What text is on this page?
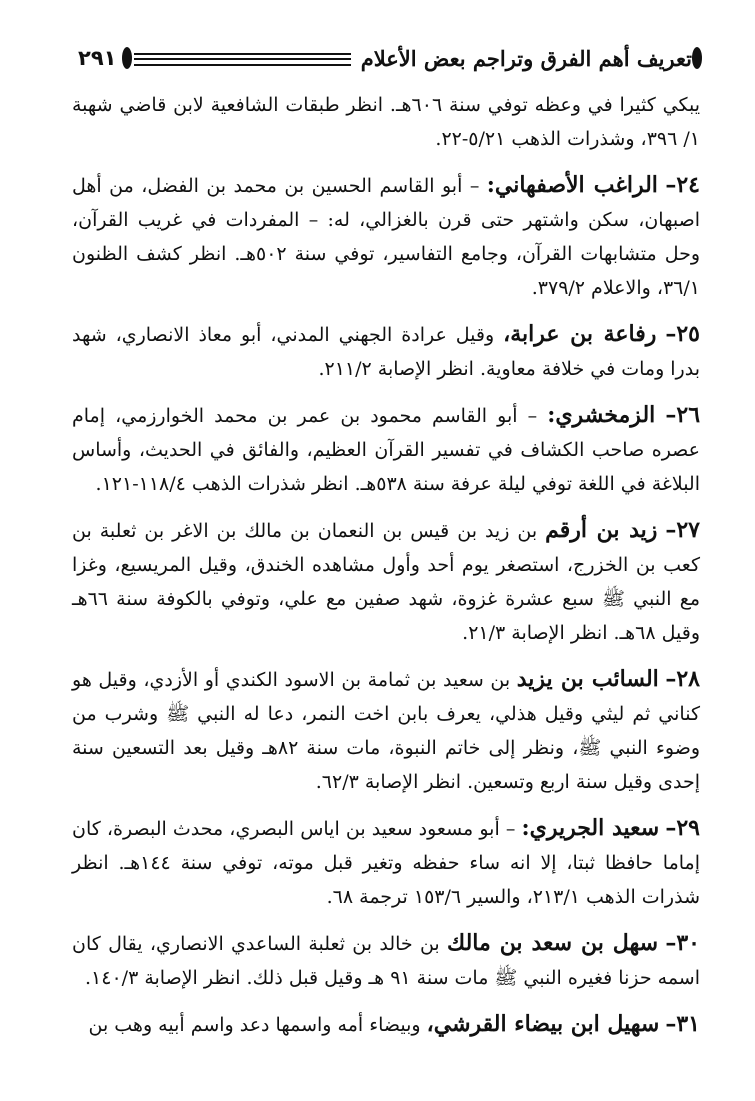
تعريف أهم الفرق وتراجم بعض الأعلام
٢٩١

يبكي كثيرا في وعظه توفي سنة ٦٠٦هـ. انظر طبقات الشافعية لابن قاضي شهبة ١/ ٣٩٦، وشذرات الذهب ٥/٢١-٢٢.

٢٤– الراغب الأصفهاني: – أبو القاسم الحسين بن محمد بن الفضل، من أهل اصبهان، سكن واشتهر حتى قرن بالغزالي، له: – المفردات في غريب القرآن، وحل متشابهات القرآن، وجامع التفاسير، توفي سنة ٥٠٢هـ. انظر كشف الظنون ٣٦/١، والاعلام ٣٧٩/٢.

٢٥– رفاعة بن عرابة، وقيل عرادة الجهني المدني، أبو معاذ الانصاري، شهد بدرا ومات في خلافة معاوية. انظر الإصابة ٢١١/٢.

٢٦– الزمخشري: – أبو القاسم محمود بن عمر بن محمد الخوارزمي، إمام عصره صاحب الكشاف في تفسير القرآن العظيم، والفائق في الحديث، وأساس البلاغة في اللغة توفي ليلة عرفة سنة ٥٣٨هـ. انظر شذرات الذهب ١١٨/٤-١٢١.

٢٧– زيد بن أرقم بن زيد بن قيس بن النعمان بن مالك بن الاغر بن ثعلبة بن كعب بن الخزرج، استصغر يوم أحد وأول مشاهده الخندق، وقيل المريسيع، وغزا مع النبي ﷺ سبع عشرة غزوة، شهد صفين مع علي، وتوفي بالكوفة سنة ٦٦هـ وقيل ٦٨هـ. انظر الإصابة ٢١/٣.

٢٨– السائب بن يزيد بن سعيد بن ثمامة بن الاسود الكندي أو الأزدي، وقيل هو كناني ثم ليثي وقيل هذلي، يعرف بابن اخت النمر، دعا له النبي ﷺ وشرب من وضوء النبي ﷺ، ونظر إلى خاتم النبوة، مات سنة ٨٢هـ وقيل بعد التسعين سنة إحدى وقيل سنة اربع وتسعين. انظر الإصابة ٦٢/٣.

٢٩– سعيد الجريري: – أبو مسعود سعيد بن اياس البصري، محدث البصرة، كان إماما حافظا ثبتا، إلا انه ساء حفظه وتغير قبل موته، توفي سنة ١٤٤هـ. انظر شذرات الذهب ٢١٣/١، والسير ١٥٣/٦ ترجمة ٦٨.

٣٠– سهل بن سعد بن مالك بن خالد بن ثعلبة الساعدي الانصاري، يقال كان اسمه حزنا فغيره النبي ﷺ مات سنة ٩١ هـ وقيل قبل ذلك. انظر الإصابة ١٤٠/٣.

٣١– سهيل ابن بيضاء القرشي، وبيضاء أمه واسمها دعد واسم أبيه وهب بن
